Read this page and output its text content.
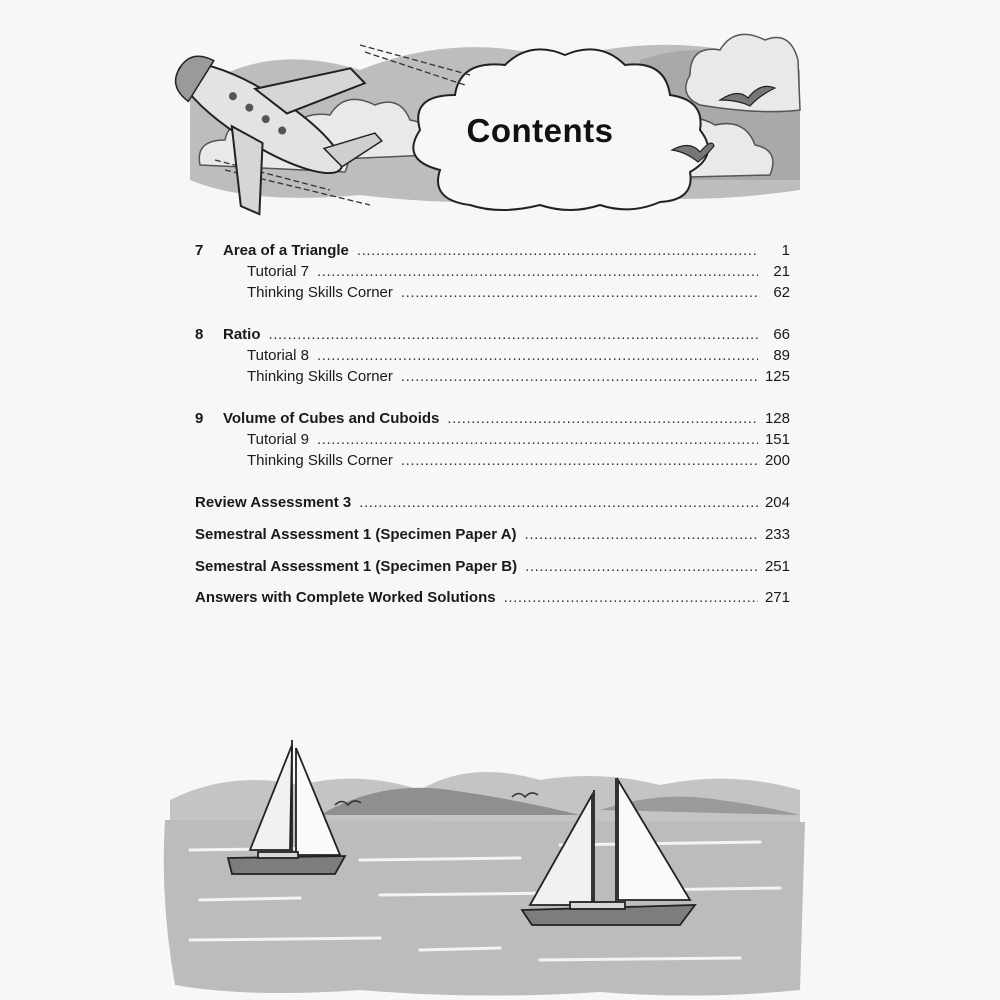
Contents
7	Area of a Triangle .....	1
Tutorial 7 .....	21
Thinking Skills Corner .....	62
8	Ratio .....	66
Tutorial 8 .....	89
Thinking Skills Corner .....	125
9	Volume of Cubes and Cuboids .....	128
Tutorial 9 .....	151
Thinking Skills Corner .....	200
Review Assessment 3 .....	204
Semestral Assessment 1 (Specimen Paper A) .....	233
Semestral Assessment 1 (Specimen Paper B) .....	251
Answers with Complete Worked Solutions .....	271
